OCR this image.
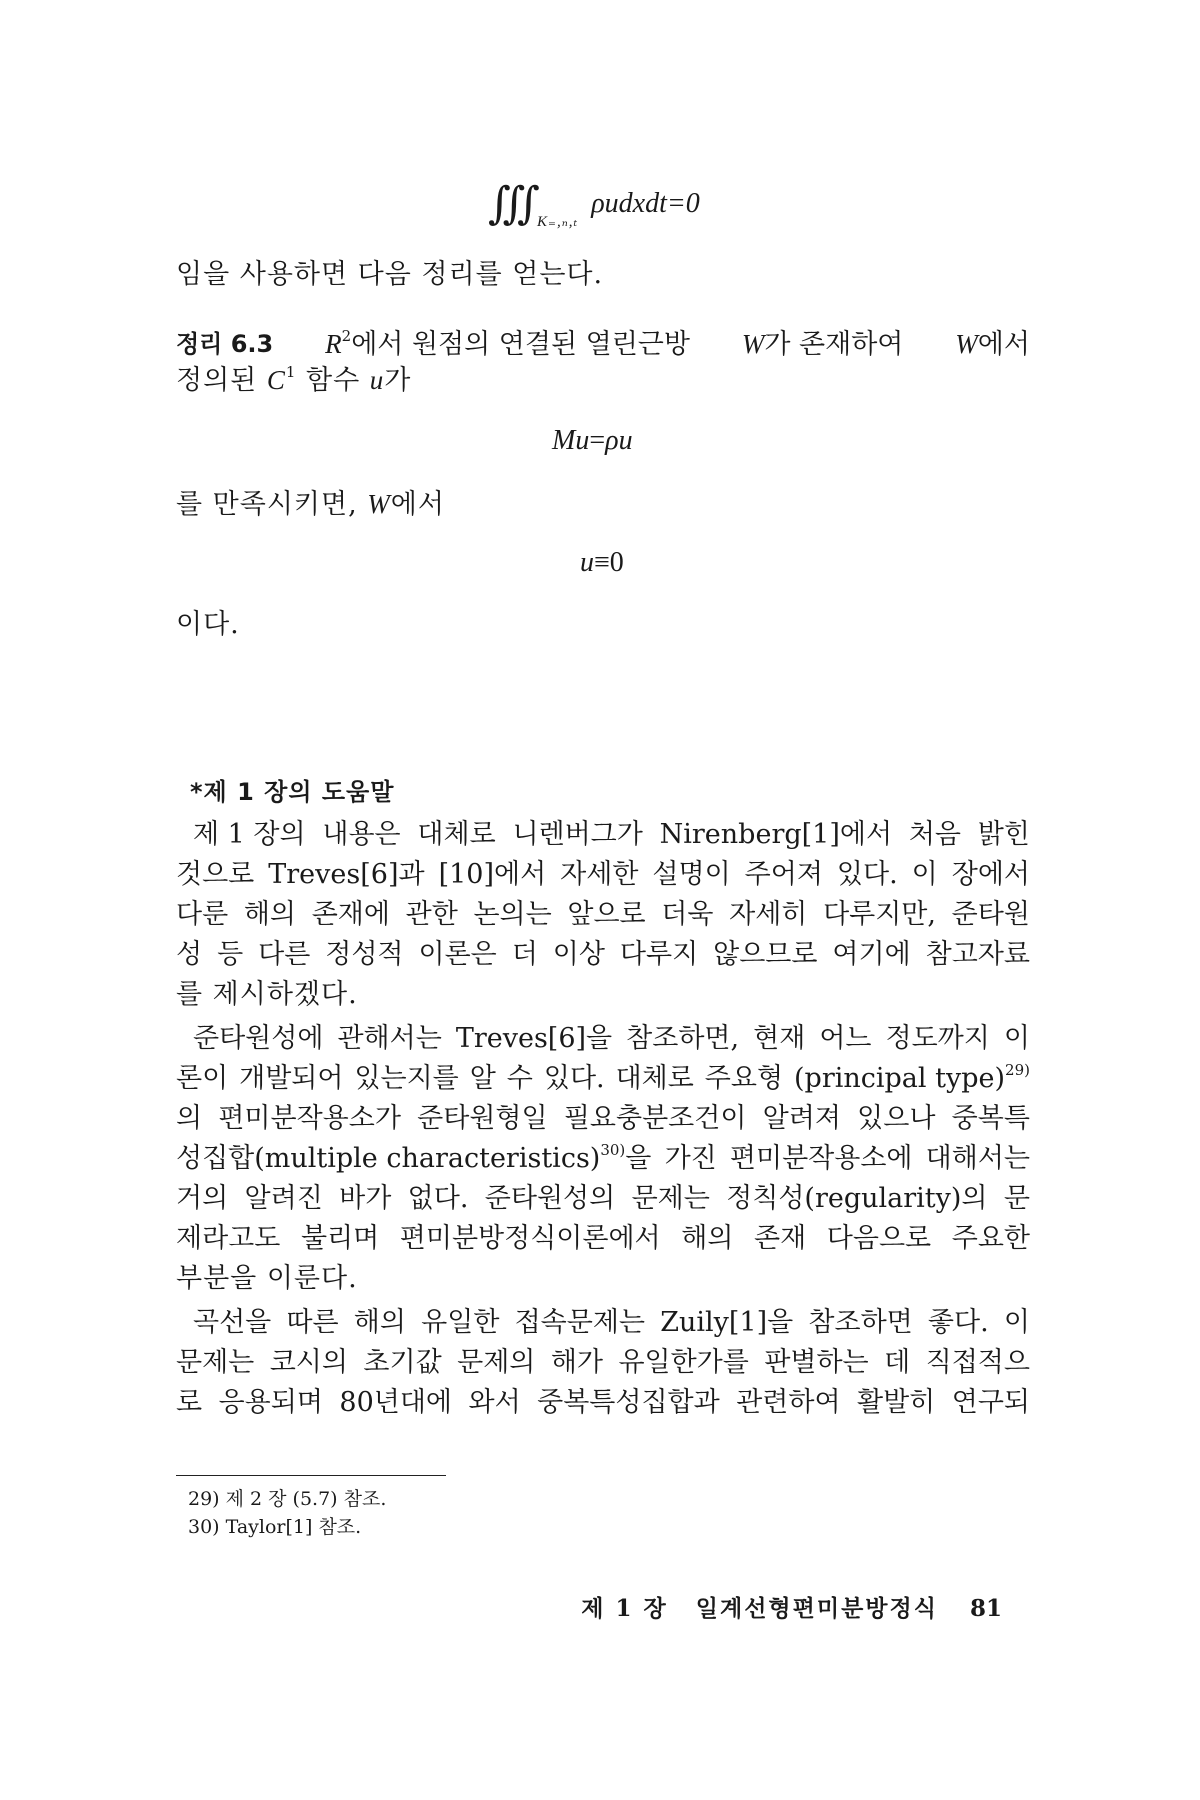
∭ $_{K_=,_n,_t}$ ρudxdt=0
임을 사용하면 다음 정리를 얻는다.
정리 6.3 $R^2$에서 원점의 연결된 열린근방 W가 존재하여 W에서
정의된 $C^1$ 함수 u가
Mu=ρu
를 만족시키면, W에서
u≡0
이다.
*제 1 장의 도움말
제 1 장의 내용은 대체로 니렌버그가 Nirenberg[1]에서 처음 밝힌
것으로 Treves[6]과 [10]에서 자세한 설명이 주어져 있다. 이 장에서
다룬 해의 존재에 관한 논의는 앞으로 더욱 자세히 다루지만, 준타원
성 등 다른 정성적 이론은 더 이상 다루지 않으므로 여기에 참고자료
를 제시하겠다.
준타원성에 관해서는 Treves[6]을 참조하면, 현재 어느 정도까지 이
론이 개발되어 있는지를 알 수 있다. 대체로 주요형 (principal type)$^{29)}$
의 편미분작용소가 준타원형일 필요충분조건이 알려져 있으나 중복특
성집합(multiple characteristics)$^{30)}$을 가진 편미분작용소에 대해서는
거의 알려진 바가 없다. 준타원성의 문제는 정칙성(regularity)의 문
제라고도 불리며 편미분방정식이론에서 해의 존재 다음으로 주요한
부분을 이룬다.
곡선을 따른 해의 유일한 접속문제는 Zuily[1]을 참조하면 좋다. 이
문제는 코시의 초기값 문제의 해가 유일한가를 판별하는 데 직접적으
로 응용되며 80년대에 와서 중복특성집합과 관련하여 활발히 연구되
29) 제 2 장 (5.7) 참조.
30) Taylor[1] 참조.
제 1 장 일계선형편미분방정식 81
